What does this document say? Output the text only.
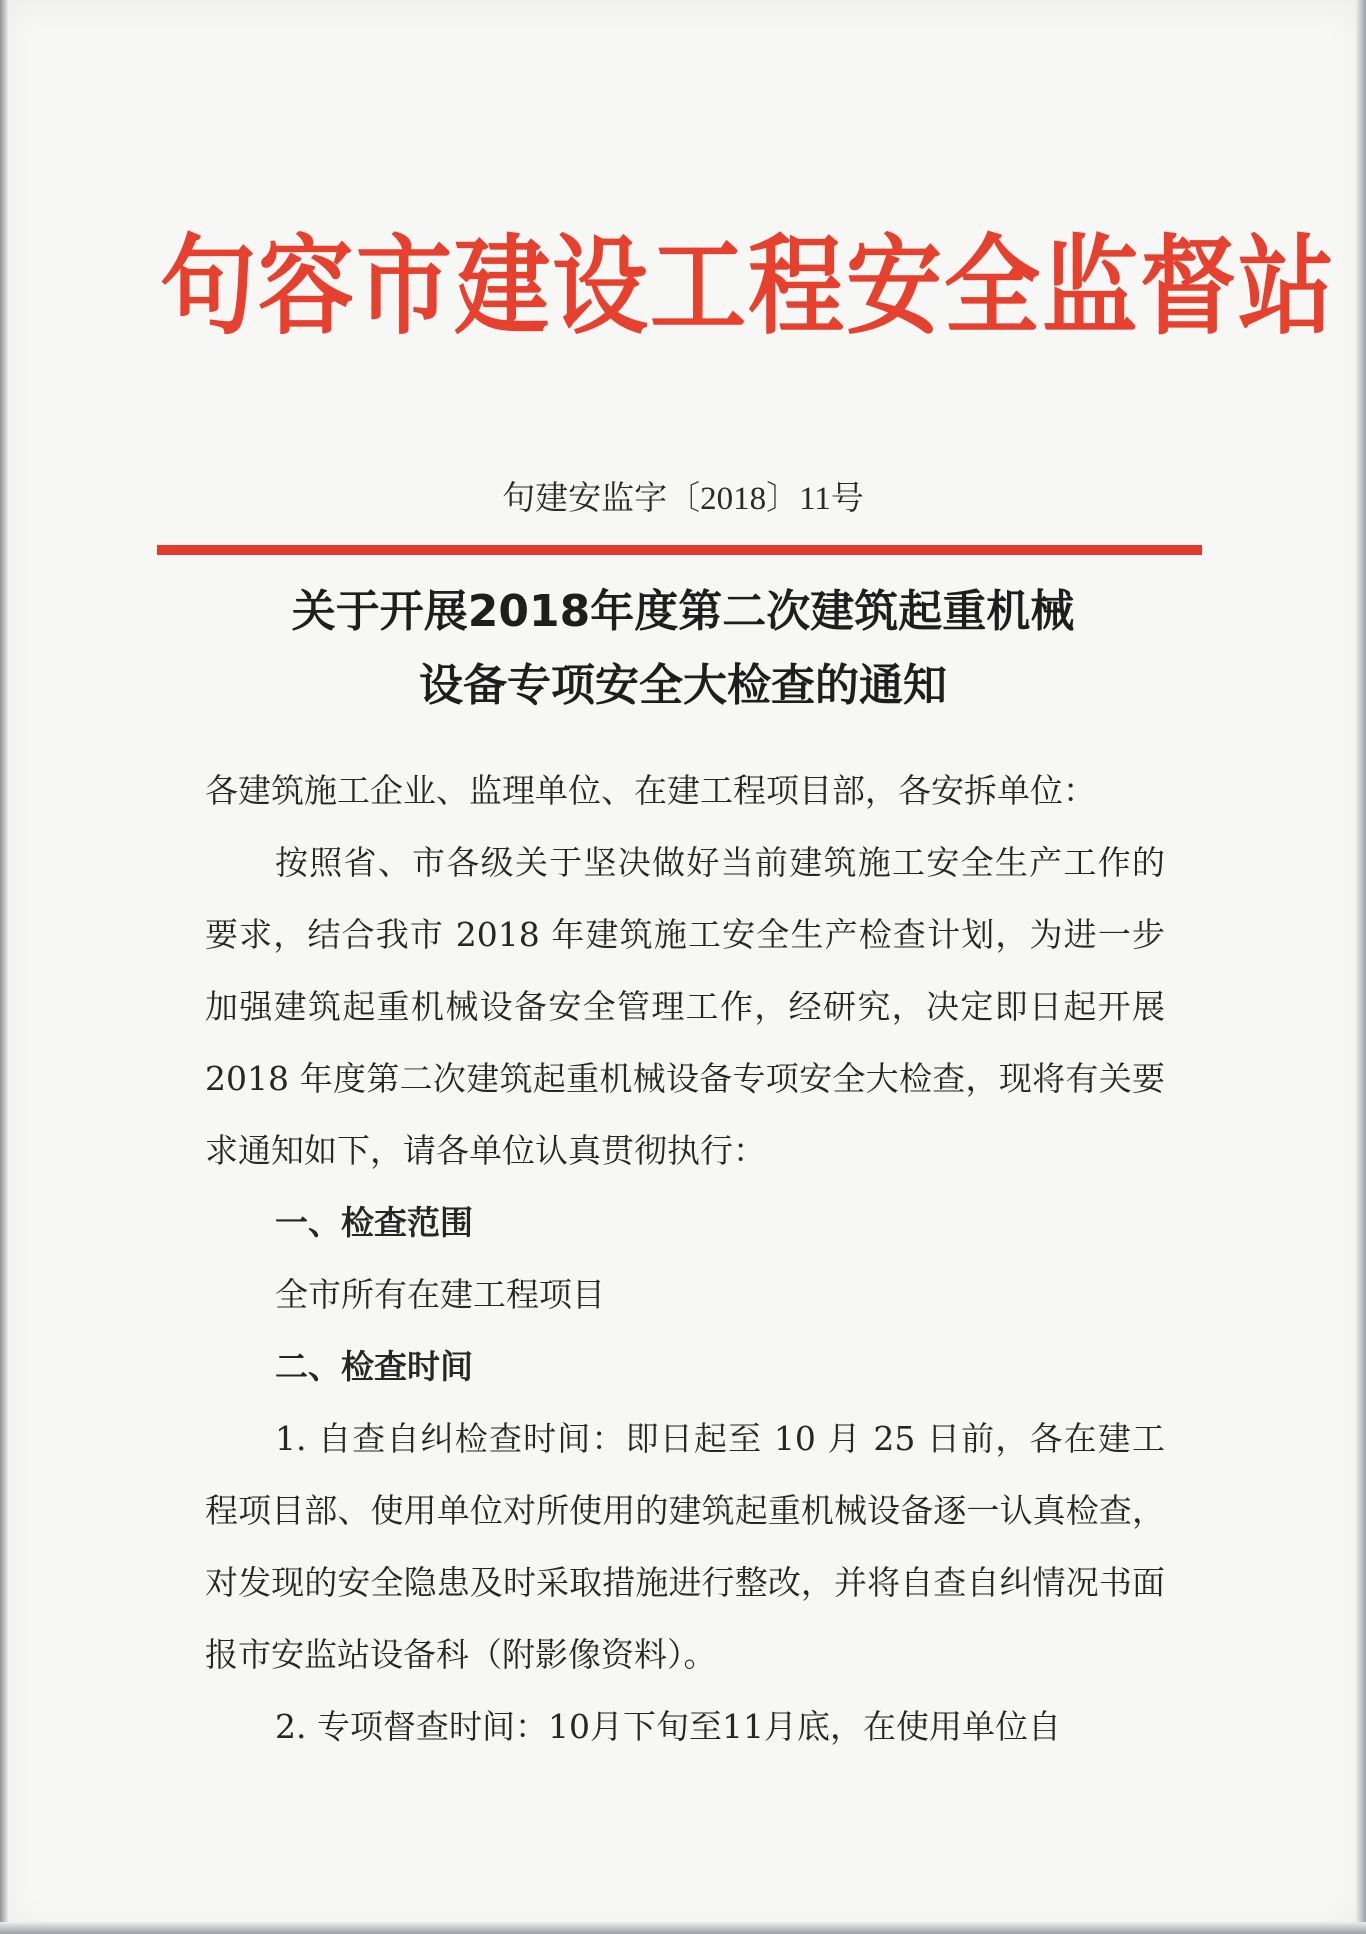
句容市建设工程安全监督站
句建安监字〔2018〕11号
关于开展2018年度第二次建筑起重机械
设备专项安全大检查的通知

各建筑施工企业、监理单位、在建工程项目部，各安拆单位：

按照省、市各级关于坚决做好当前建筑施工安全生产工作的要求，结合我市 2018 年建筑施工安全生产检查计划，为进一步加强建筑起重机械设备安全管理工作，经研究，决定即日起开展 2018 年度第二次建筑起重机械设备专项安全大检查，现将有关要求通知如下，请各单位认真贯彻执行：

一、检查范围

全市所有在建工程项目

二、检查时间

1. 自查自纠检查时间：即日起至 10 月 25 日前，各在建工程项目部、使用单位对所使用的建筑起重机械设备逐一认真检查，对发现的安全隐患及时采取措施进行整改，并将自查自纠情况书面报市安监站设备科（附影像资料）。

2. 专项督查时间：10月下旬至11月底，在使用单位自
